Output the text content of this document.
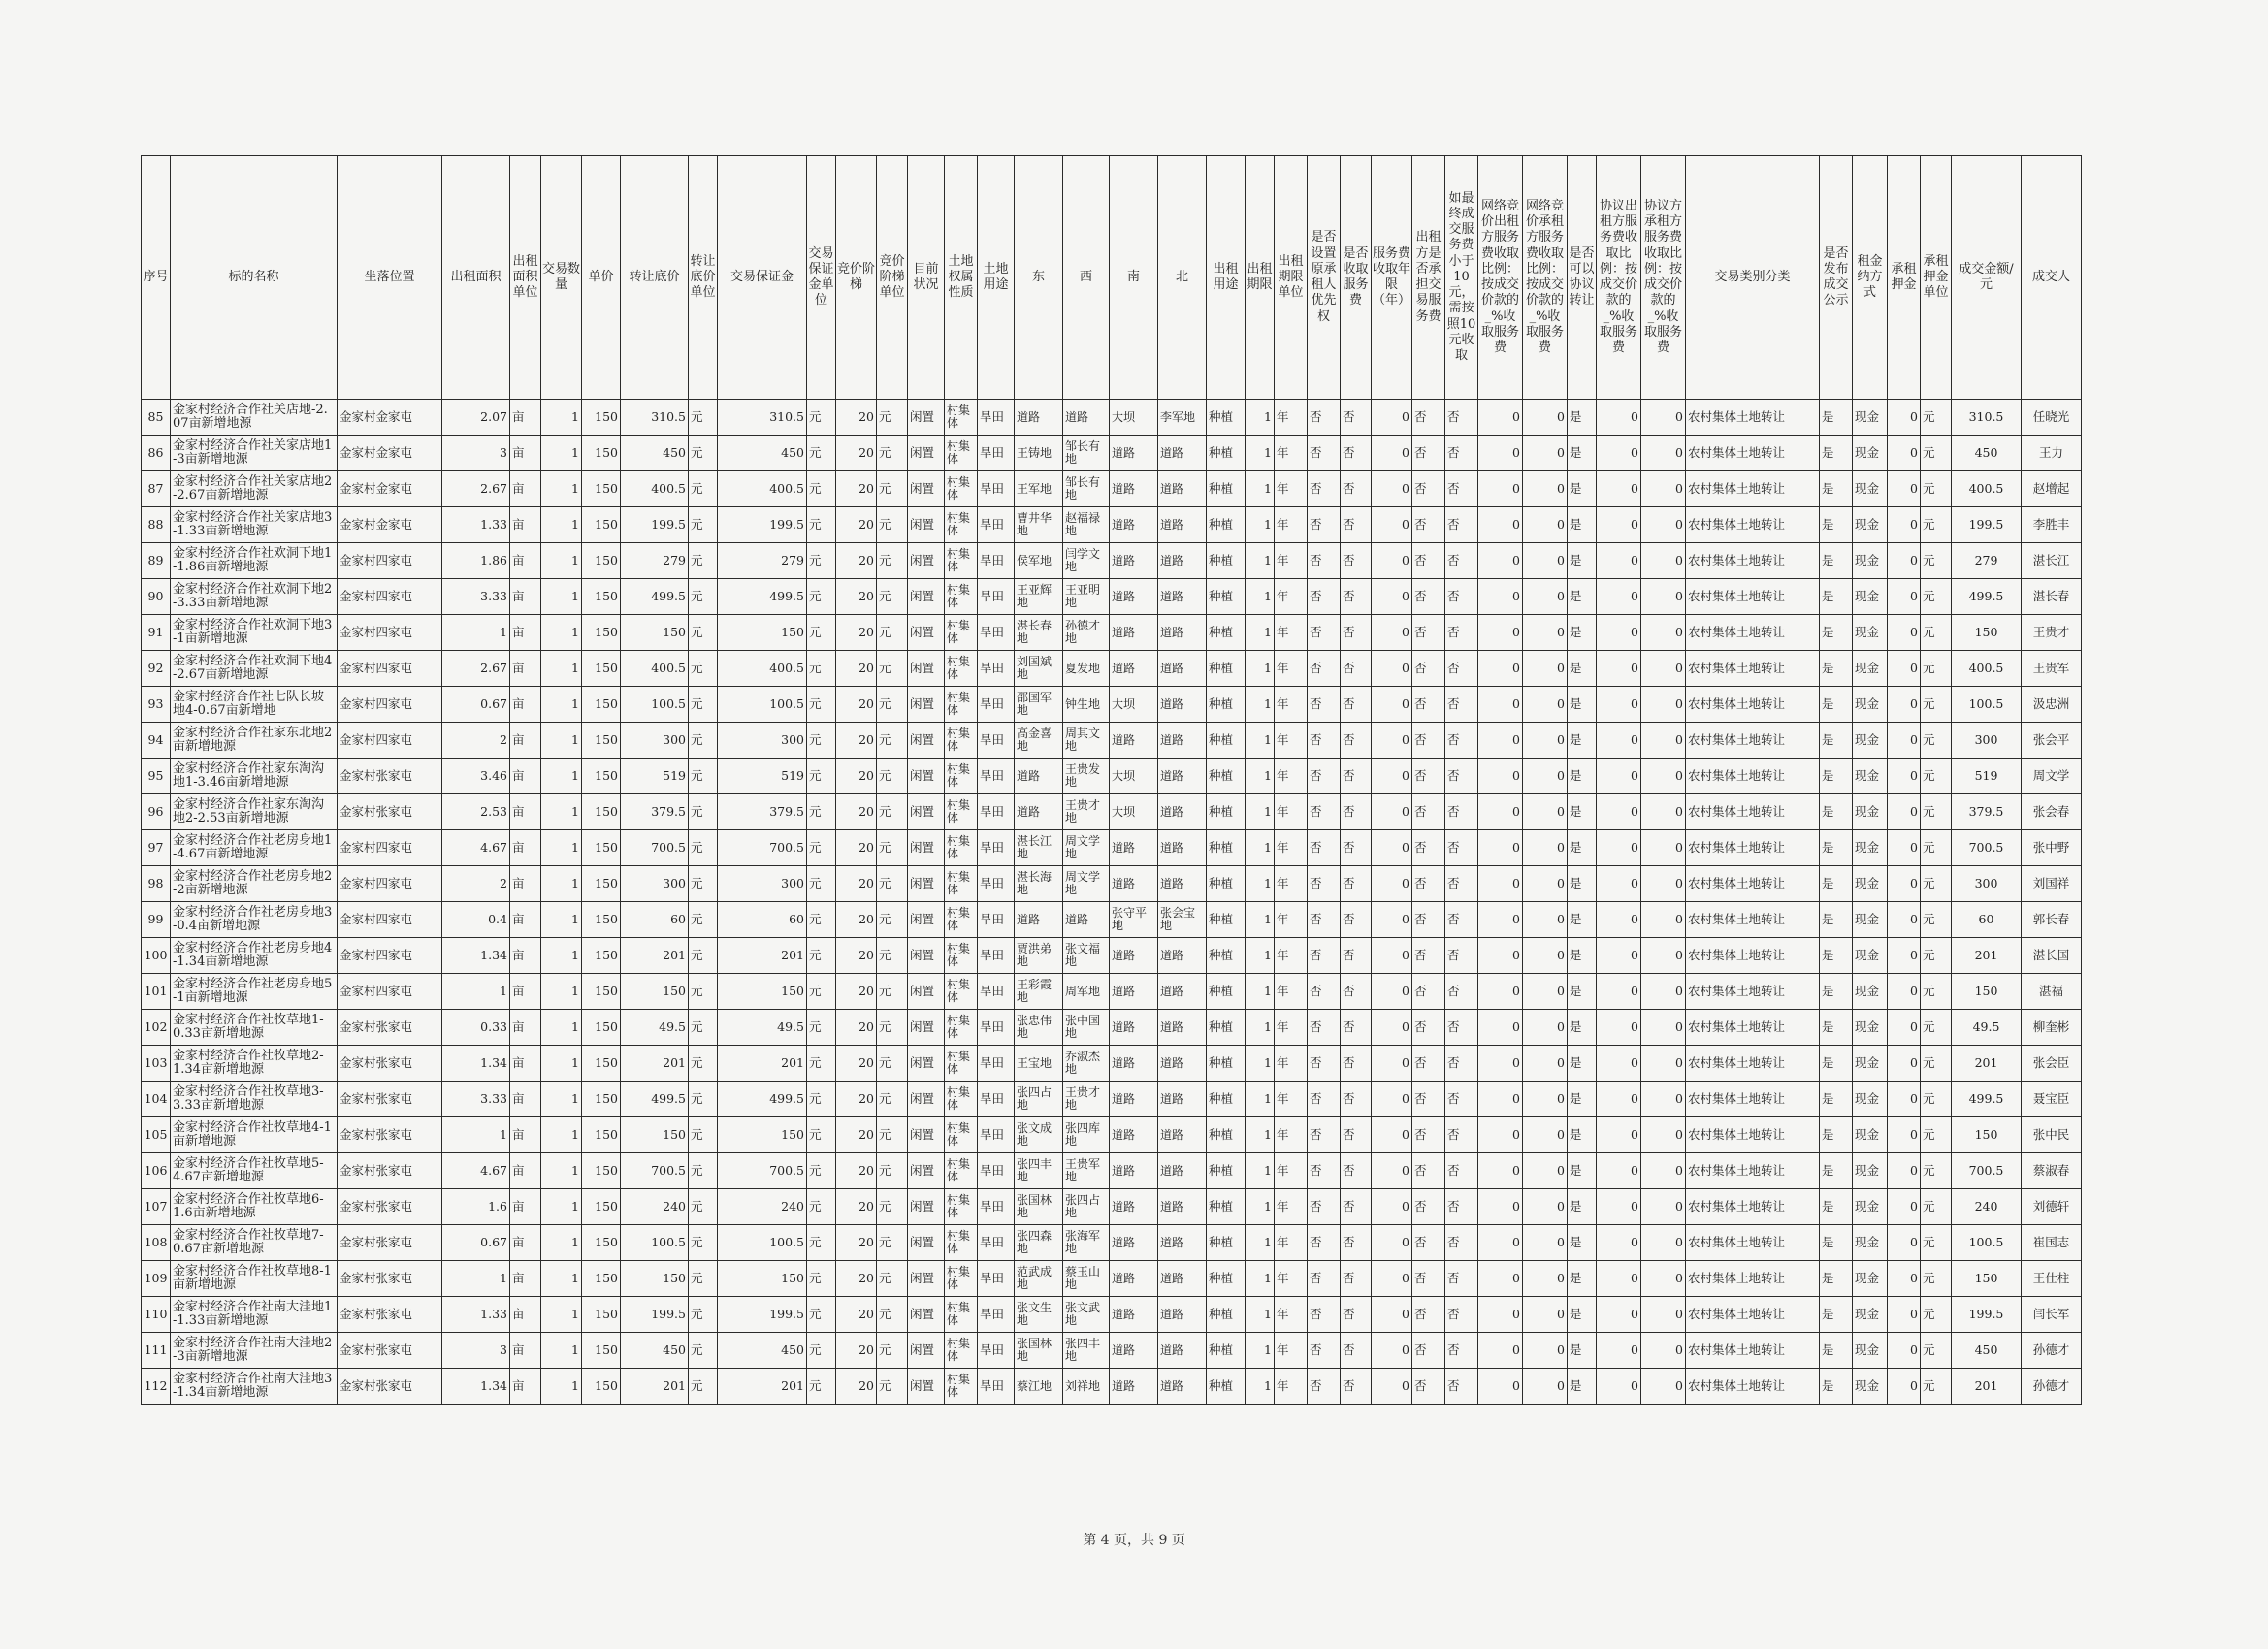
序号	标的名称	坐落位置	出租面积	出租面积单位	交易数量	单价	转让底价	转让底价单位	交易保证金	交易保证金单位	竞价阶梯	竞价阶梯单位	目前状况	土地权属性质	土地用途	东	西	南	北	出租用途	出租期限	出租期限单位	是否设置原承租人优先权	是否收取服务费	服务费收取年限（年）	出租方是否承担交易服务费	如最终成交服务费小于10元，需按照10元收取	网络竞价出租方服务费收取比例：按成交价款的_%收取服务费	网络竞价承租方服务费收取比例：按成交价款的_%收取服务费	是否可以协议转让	协议出租方服务费收取比例：按成交价款的_%收取服务费	协议方承租方服务费收取比例：按成交价款的_%收取服务费	交易类别分类	是否发布成交公示	租金纳方式	承租押金	承租押金单位	成交金额/元	成交人
85	金家村经济合作社关店地-2.07亩新增地源	金家村金家屯	2.07	亩	1	150	310.5	元	310.5	元	20	元	闲置	村集体	旱田	道路	道路	大坝	李军地	种植	1	年	否	否	0	否	否	0	0	是	0	0	农村集体土地转让	是	现金	0	元	310.5	任晓光
86	金家村经济合作社关家店地1-3亩新增地源	金家村金家屯	3	亩	1	150	450	元	450	元	20	元	闲置	村集体	旱田	王铸地	邹长有地	道路	道路	种植	1	年	否	否	0	否	否	0	0	是	0	0	农村集体土地转让	是	现金	0	元	450	王力
87	金家村经济合作社关家店地2-2.67亩新增地源	金家村金家屯	2.67	亩	1	150	400.5	元	400.5	元	20	元	闲置	村集体	旱田	王军地	邹长有地	道路	道路	种植	1	年	否	否	0	否	否	0	0	是	0	0	农村集体土地转让	是	现金	0	元	400.5	赵增起
88	金家村经济合作社关家店地3-1.33亩新增地源	金家村金家屯	1.33	亩	1	150	199.5	元	199.5	元	20	元	闲置	村集体	旱田	曹井华地	赵福禄地	道路	道路	种植	1	年	否	否	0	否	否	0	0	是	0	0	农村集体土地转让	是	现金	0	元	199.5	李胜丰
89	金家村经济合作社欢洞下地1-1.86亩新增地源	金家村四家屯	1.86	亩	1	150	279	元	279	元	20	元	闲置	村集体	旱田	侯军地	闫学文地	道路	道路	种植	1	年	否	否	0	否	否	0	0	是	0	0	农村集体土地转让	是	现金	0	元	279	湛长江
90	金家村经济合作社欢洞下地2-3.33亩新增地源	金家村四家屯	3.33	亩	1	150	499.5	元	499.5	元	20	元	闲置	村集体	旱田	王亚辉地	王亚明地	道路	道路	种植	1	年	否	否	0	否	否	0	0	是	0	0	农村集体土地转让	是	现金	0	元	499.5	湛长春
91	金家村经济合作社欢洞下地3-1亩新增地源	金家村四家屯	1	亩	1	150	150	元	150	元	20	元	闲置	村集体	旱田	湛长春地	孙德才地	道路	道路	种植	1	年	否	否	0	否	否	0	0	是	0	0	农村集体土地转让	是	现金	0	元	150	王贵才
92	金家村经济合作社欢洞下地4-2.67亩新增地源	金家村四家屯	2.67	亩	1	150	400.5	元	400.5	元	20	元	闲置	村集体	旱田	刘国斌地	夏发地	道路	道路	种植	1	年	否	否	0	否	否	0	0	是	0	0	农村集体土地转让	是	现金	0	元	400.5	王贵军
93	金家村经济合作社七队长坡地4-0.67亩新增地	金家村四家屯	0.67	亩	1	150	100.5	元	100.5	元	20	元	闲置	村集体	旱田	邵国军地	钟生地	大坝	道路	种植	1	年	否	否	0	否	否	0	0	是	0	0	农村集体土地转让	是	现金	0	元	100.5	汲忠洲
94	金家村经济合作社家东北地2亩新增地源	金家村四家屯	2	亩	1	150	300	元	300	元	20	元	闲置	村集体	旱田	高金喜地	周其文地	道路	道路	种植	1	年	否	否	0	否	否	0	0	是	0	0	农村集体土地转让	是	现金	0	元	300	张会平
95	金家村经济合作社家东淘沟地1-3.46亩新增地源	金家村张家屯	3.46	亩	1	150	519	元	519	元	20	元	闲置	村集体	旱田	道路	王贵发地	大坝	道路	种植	1	年	否	否	0	否	否	0	0	是	0	0	农村集体土地转让	是	现金	0	元	519	周文学
96	金家村经济合作社家东淘沟地2-2.53亩新增地源	金家村张家屯	2.53	亩	1	150	379.5	元	379.5	元	20	元	闲置	村集体	旱田	道路	王贵才地	大坝	道路	种植	1	年	否	否	0	否	否	0	0	是	0	0	农村集体土地转让	是	现金	0	元	379.5	张会春
97	金家村经济合作社老房身地1-4.67亩新增地源	金家村四家屯	4.67	亩	1	150	700.5	元	700.5	元	20	元	闲置	村集体	旱田	湛长江地	周文学地	道路	道路	种植	1	年	否	否	0	否	否	0	0	是	0	0	农村集体土地转让	是	现金	0	元	700.5	张中野
98	金家村经济合作社老房身地2-2亩新增地源	金家村四家屯	2	亩	1	150	300	元	300	元	20	元	闲置	村集体	旱田	湛长海地	周文学地	道路	道路	种植	1	年	否	否	0	否	否	0	0	是	0	0	农村集体土地转让	是	现金	0	元	300	刘国祥
99	金家村经济合作社老房身地3-0.4亩新增地源	金家村四家屯	0.4	亩	1	150	60	元	60	元	20	元	闲置	村集体	旱田	道路	道路	张守平地	张会宝地	种植	1	年	否	否	0	否	否	0	0	是	0	0	农村集体土地转让	是	现金	0	元	60	郭长春
100	金家村经济合作社老房身地4-1.34亩新增地源	金家村四家屯	1.34	亩	1	150	201	元	201	元	20	元	闲置	村集体	旱田	贾洪弟地	张文福地	道路	道路	种植	1	年	否	否	0	否	否	0	0	是	0	0	农村集体土地转让	是	现金	0	元	201	湛长国
101	金家村经济合作社老房身地5-1亩新增地源	金家村四家屯	1	亩	1	150	150	元	150	元	20	元	闲置	村集体	旱田	王彩霞地	周军地	道路	道路	种植	1	年	否	否	0	否	否	0	0	是	0	0	农村集体土地转让	是	现金	0	元	150	湛福
102	金家村经济合作社牧草地1-0.33亩新增地源	金家村张家屯	0.33	亩	1	150	49.5	元	49.5	元	20	元	闲置	村集体	旱田	张忠伟地	张中国地	道路	道路	种植	1	年	否	否	0	否	否	0	0	是	0	0	农村集体土地转让	是	现金	0	元	49.5	柳奎彬
103	金家村经济合作社牧草地2-1.34亩新增地源	金家村张家屯	1.34	亩	1	150	201	元	201	元	20	元	闲置	村集体	旱田	王宝地	乔淑杰地	道路	道路	种植	1	年	否	否	0	否	否	0	0	是	0	0	农村集体土地转让	是	现金	0	元	201	张会臣
104	金家村经济合作社牧草地3-3.33亩新增地源	金家村张家屯	3.33	亩	1	150	499.5	元	499.5	元	20	元	闲置	村集体	旱田	张四占地	王贵才地	道路	道路	种植	1	年	否	否	0	否	否	0	0	是	0	0	农村集体土地转让	是	现金	0	元	499.5	聂宝臣
105	金家村经济合作社牧草地4-1亩新增地源	金家村张家屯	1	亩	1	150	150	元	150	元	20	元	闲置	村集体	旱田	张文成地	张四库地	道路	道路	种植	1	年	否	否	0	否	否	0	0	是	0	0	农村集体土地转让	是	现金	0	元	150	张中民
106	金家村经济合作社牧草地5-4.67亩新增地源	金家村张家屯	4.67	亩	1	150	700.5	元	700.5	元	20	元	闲置	村集体	旱田	张四丰地	王贵军地	道路	道路	种植	1	年	否	否	0	否	否	0	0	是	0	0	农村集体土地转让	是	现金	0	元	700.5	蔡淑春
107	金家村经济合作社牧草地6-1.6亩新增地源	金家村张家屯	1.6	亩	1	150	240	元	240	元	20	元	闲置	村集体	旱田	张国林地	张四占地	道路	道路	种植	1	年	否	否	0	否	否	0	0	是	0	0	农村集体土地转让	是	现金	0	元	240	刘德轩
108	金家村经济合作社牧草地7-0.67亩新增地源	金家村张家屯	0.67	亩	1	150	100.5	元	100.5	元	20	元	闲置	村集体	旱田	张四森地	张海军地	道路	道路	种植	1	年	否	否	0	否	否	0	0	是	0	0	农村集体土地转让	是	现金	0	元	100.5	崔国志
109	金家村经济合作社牧草地8-1亩新增地源	金家村张家屯	1	亩	1	150	150	元	150	元	20	元	闲置	村集体	旱田	范武成地	蔡玉山地	道路	道路	种植	1	年	否	否	0	否	否	0	0	是	0	0	农村集体土地转让	是	现金	0	元	150	王仕柱
110	金家村经济合作社南大洼地1-1.33亩新增地源	金家村张家屯	1.33	亩	1	150	199.5	元	199.5	元	20	元	闲置	村集体	旱田	张文生地	张文武地	道路	道路	种植	1	年	否	否	0	否	否	0	0	是	0	0	农村集体土地转让	是	现金	0	元	199.5	闫长军
111	金家村经济合作社南大洼地2-3亩新增地源	金家村张家屯	3	亩	1	150	450	元	450	元	20	元	闲置	村集体	旱田	张国林地	张四丰地	道路	道路	种植	1	年	否	否	0	否	否	0	0	是	0	0	农村集体土地转让	是	现金	0	元	450	孙德才
112	金家村经济合作社南大洼地3-1.34亩新增地源	金家村张家屯	1.34	亩	1	150	201	元	201	元	20	元	闲置	村集体	旱田	蔡江地	刘祥地	道路	道路	种植	1	年	否	否	0	否	否	0	0	是	0	0	农村集体土地转让	是	现金	0	元	201	孙德才
第 4 页，共 9 页
